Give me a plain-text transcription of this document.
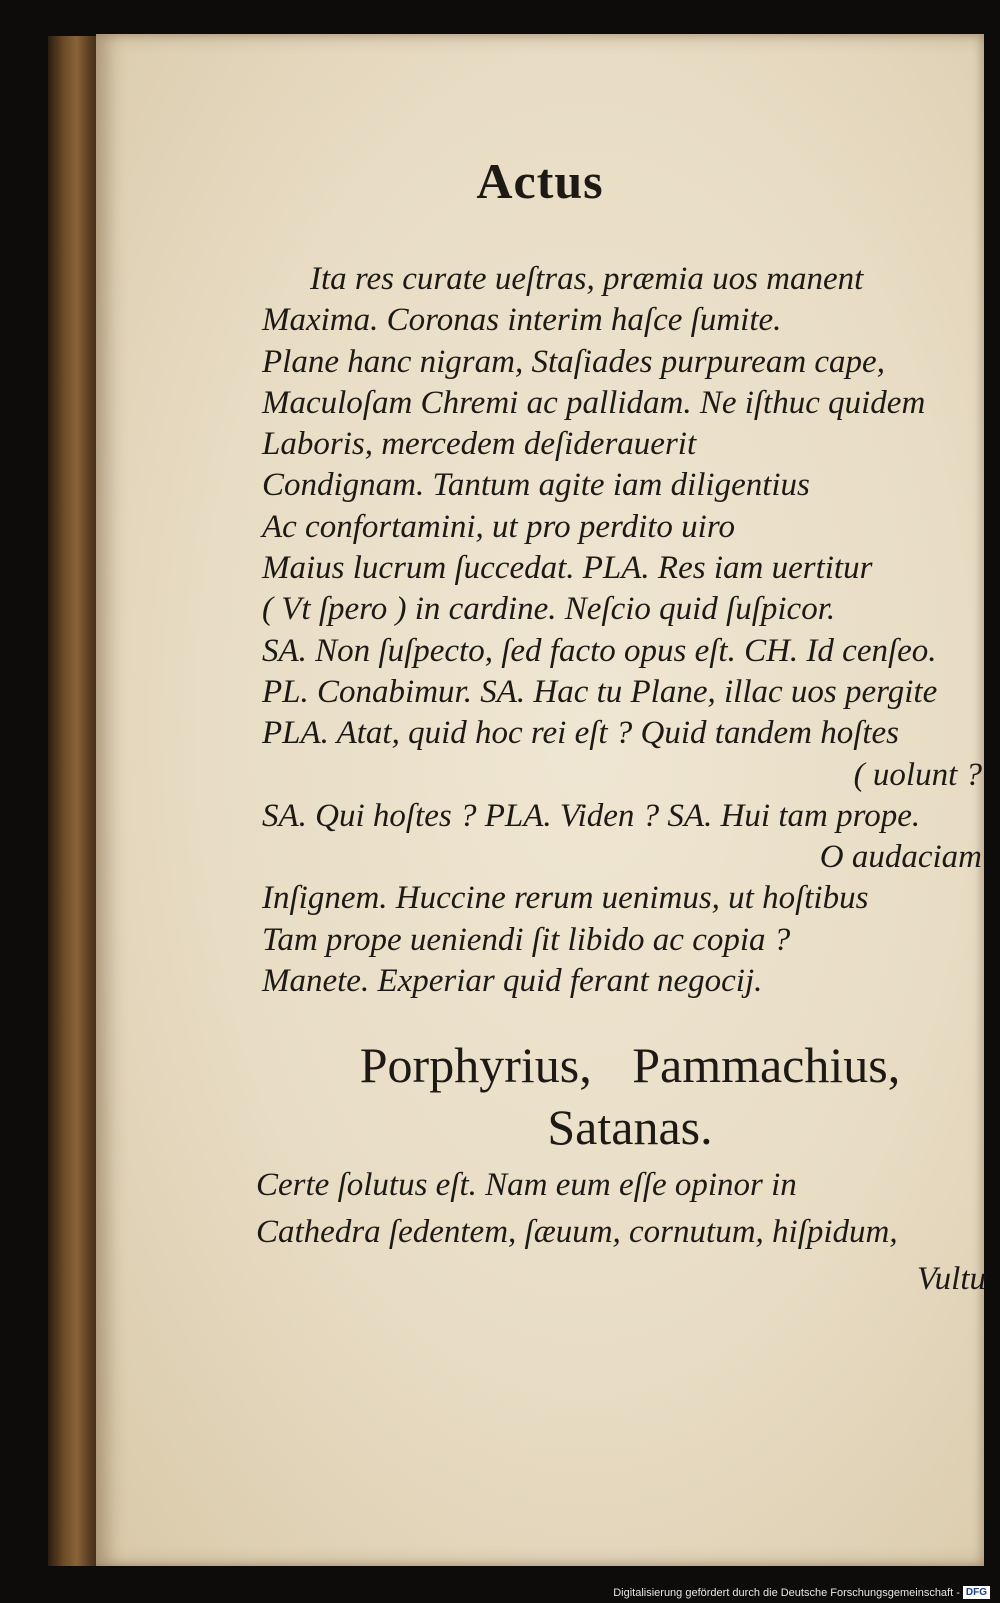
Actus
Ita res curate ueſtras, præmia uos manent
Maxima. Coronas interim haſce ſumite.
Plane hanc nigram, Staſiades purpuream cape,
Maculoſam Chremi ac pallidam. Ne iſthuc quidem
Laboris, mercedem deſiderauerit
Condignam. Tantum agite iam diligentius
Ac confortamini, ut pro perdito uiro
Maius lucrum ſuccedat. PLA. Res iam uertitur
( Vt ſpero ) in cardine. Neſcio quid ſuſpicor.
SA. Non ſuſpecto, ſed facto opus eſt. CH. Id cenſeo.
PL. Conabimur. SA. Hac tu Plane, illac uos pergite
PLA. Atat, quid hoc rei eſt ? Quid tandem hoſtes
( uolunt ?
SA. Qui hoſtes ? PLA. Viden ? SA. Hui tam prope.
O audaciam
Inſignem. Huccine rerum uenimus, ut hoſtibus
Tam prope ueniendi ſit libido ac copia ?
Manete. Experiar quid ferant negocij.
Porphyrius, Pammachius,
Satanas.
Certe ſolutus eſt. Nam eum eſſe opinor in
Cathedra ſedentem, ſæuum, cornutum, hiſpidum,
Vultu
Digitalisierung gefördert durch die Deutsche Forschungsgemeinschaft - DFG
